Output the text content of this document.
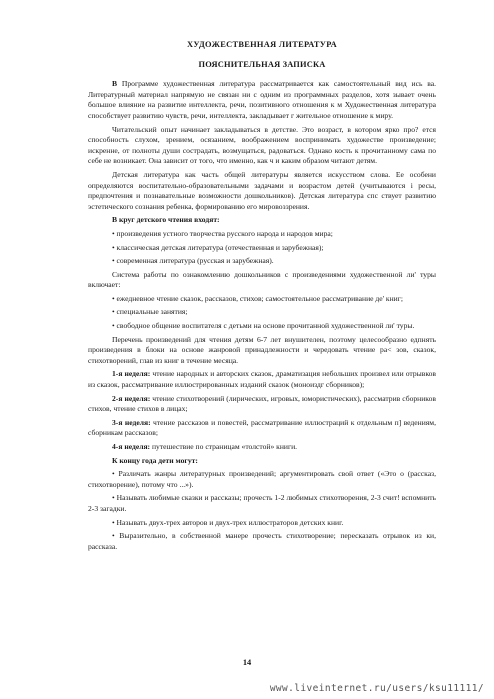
ХУДОЖЕСТВЕННАЯ ЛИТЕРАТУРА
ПОЯСНИТЕЛЬНАЯ ЗАПИСКА

В Программе художественная литература рассматривается как самостоятельный вид ись ва. Литературный материал напрямую не связан ни с одним из программных разделов, хотя зывает очень большое влияние на развитие интеллекта, речи, позитивного отношения к м Художественная литература способствует развитию чувств, речи, интеллекта, закладывает г жительное отношение к миру.

Читательский опыт начинает закладываться в детстве. Это возраст, в котором ярко про? ется способность слухом, зрением, осязанием, воображением воспринимать художестве произведение; искренне, от полноты души сострадать, возмущаться, радоваться. Однако кость к прочитанному сама по себе не возникает. Она зависит от того, что именно, как ч и каким образом читают детям.

Детская литература как часть общей литературы является искусством слова. Ее особени определяются воспитательно-образовательными задачами и возрастом детей (учитываются і ресы, предпочтения и познавательные возможности дошкольников). Детская литература спс ствует развитию эстетического сознания ребенка, формированию его мировоззрения.

В круг детского чтения входят:
• произведения устного творчества русского народа и народов мира;
• классическая детская литература (отечественная и зарубежная);
• современная литература (русская и зарубежная).

Система работы по ознакомлению дошкольников с произведениями художественной ли' туры включает:

• ежедневное чтение сказок, рассказов, стихов; самостоятельное рассматривание де' книг;
• специальные занятия;
• свободное общение воспитателя с детьми на основе прочитанной художественной ли' туры.

Перечень произведений для чтения детям 6-7 лет внушителен, поэтому целесообразно едпнять произведения в блоки на основе жанровой принадлежности и чередовать чтение ра< зов, сказок, стихотворений, глав из книг в течение месяца.

1-я неделя: чтение народных и авторских сказок, драматизация небольших произвел или отрывков из сказок, рассматривание иллюстрированных изданий сказок (моноиздг сборников);

2-я неделя: чтение стихотворений (лирических, игровых, юмористических), рассматрив сборников стихов, чтение стихов в лицах;

3-я неделя: чтение рассказов и повестей, рассматривание иллюстраций к отдельным п] ведениям, сборникам рассказов;

4-я неделя: путешествие по страницам «толстой» книги.

К концу года дети могут:
• Различать жанры литературных произведений; аргументировать свой ответ («Это о (рассказ, стихотворение), потому что ...»).
• Называть любимые сказки и рассказы; прочесть 1-2 любимых стихотворения, 2-3 счит! вспомнить 2-3 загадки.
• Называть двух-трех авторов и двух-трех иллюстраторов детских книг.
• Выразительно, в собственной манере прочесть стихотворение; пересказать отрывок из ки, рассказа.
14
www.liveinternet.ru/users/ksu11111/
